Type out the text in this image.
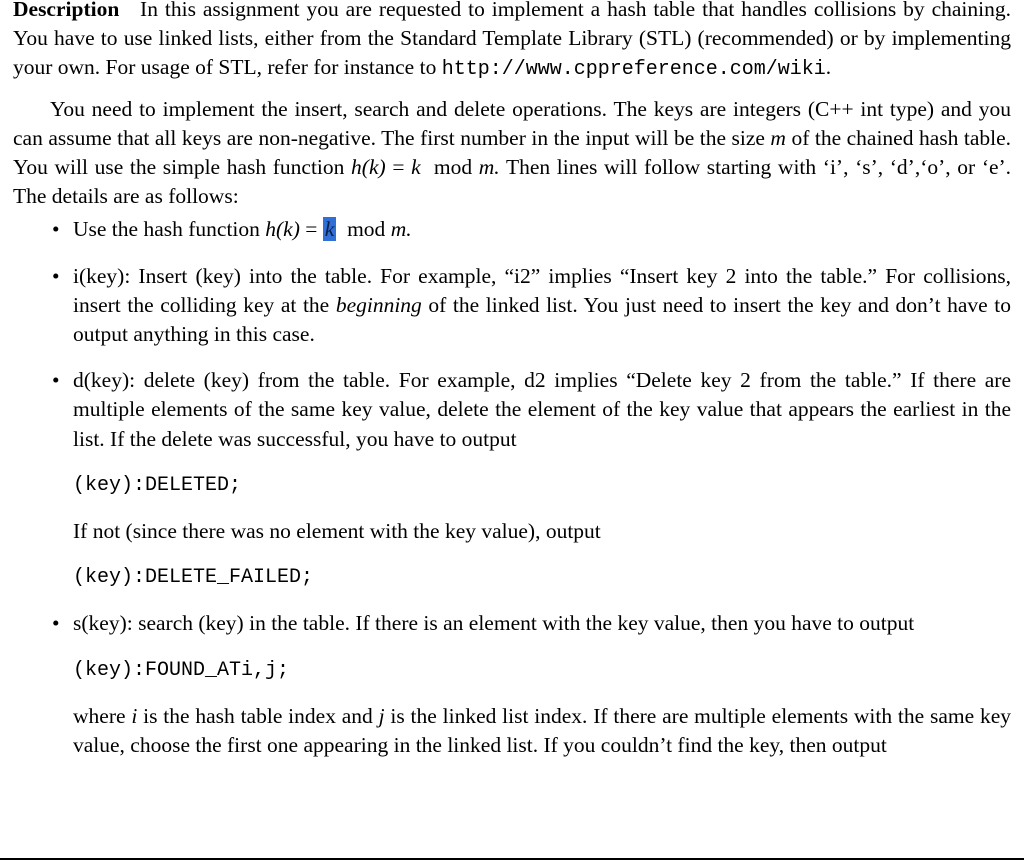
Description In this assignment you are requested to implement a hash table that handles collisions by chaining. You have to use linked lists, either from the Standard Template Library (STL) (recommended) or by implementing your own. For usage of STL, refer for instance to http://www.cppreference.com/wiki.

You need to implement the insert, search and delete operations. The keys are integers (C++ int type) and you can assume that all keys are non-negative. The first number in the input will be the size m of the chained hash table. You will use the simple hash function h(k) = k mod m. Then lines will follow starting with ‘i’, ‘s’, ‘d’,‘o’, or ‘e’. The details are as follows:

• Use the hash function h(k) = k mod m.
• i(key): Insert (key) into the table. For example, “i2” implies “Insert key 2 into the table.” For collisions, insert the colliding key at the beginning of the linked list. You just need to insert the key and don’t have to output anything in this case.
• d(key): delete (key) from the table. For example, d2 implies “Delete key 2 from the table.” If there are multiple elements of the same key value, delete the element of the key value that appears the earliest in the list. If the delete was successful, you have to output
(key):DELETED;
If not (since there was no element with the key value), output
(key):DELETE_FAILED;
• s(key): search (key) in the table. If there is an element with the key value, then you have to output
(key):FOUND_ATi,j;
where i is the hash table index and j is the linked list index. If there are multiple elements with the same key value, choose the first one appearing in the linked list. If you couldn’t find the key, then output
